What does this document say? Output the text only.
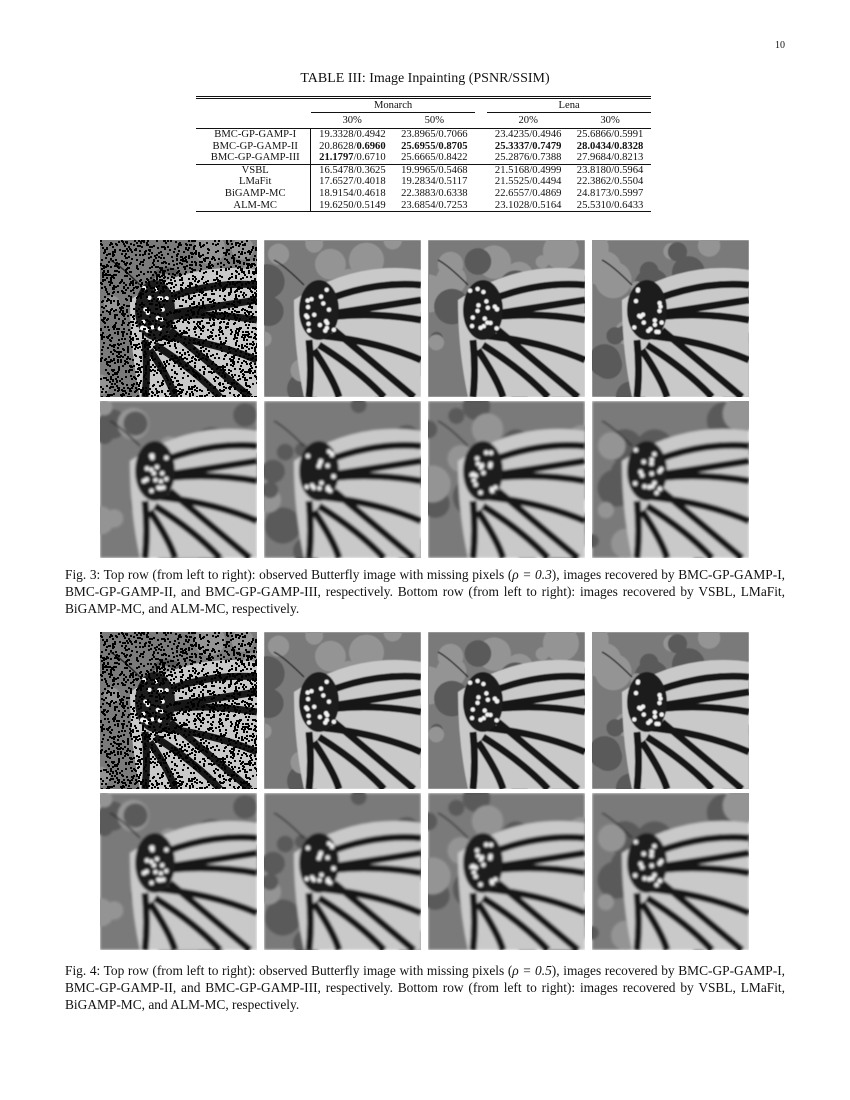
10
TABLE III: Image Inpainting (PSNR/SSIM)
	Monarch			Lena	
	30%	50%		20%	30%
BMC-GP-GAMP-I	19.3328/0.4942	23.8965/0.7066		23.4235/0.4946	25.6866/0.5991
BMC-GP-GAMP-II	20.8628/0.6960	25.6955/0.8705		25.3337/0.7479	28.0434/0.8328
BMC-GP-GAMP-III	21.1797/0.6710	25.6665/0.8422		25.2876/0.7388	27.9684/0.8213
VSBL	16.5478/0.3625	19.9965/0.5468		21.5168/0.4999	23.8180/0.5964
LMaFit	17.6527/0.4018	19.2834/0.5117		21.5525/0.4494	22.3862/0.5504
BiGAMP-MC	18.9154/0.4618	22.3883/0.6338		22.6557/0.4869	24.8173/0.5997
ALM-MC	19.6250/0.5149	23.6854/0.7253		23.1028/0.5164	25.5310/0.6433
Fig. 3: Top row (from left to right): observed Butterfly image with missing pixels (ρ = 0.3), images recovered by BMC-GP-GAMP-I, BMC-GP-GAMP-II, and BMC-GP-GAMP-III, respectively. Bottom row (from left to right): images recovered by VSBL, LMaFit, BiGAMP-MC, and ALM-MC, respectively.
Fig. 4: Top row (from left to right): observed Butterfly image with missing pixels (ρ = 0.5), images recovered by BMC-GP-GAMP-I, BMC-GP-GAMP-II, and BMC-GP-GAMP-III, respectively. Bottom row (from left to right): images recovered by VSBL, LMaFit, BiGAMP-MC, and ALM-MC, respectively.
